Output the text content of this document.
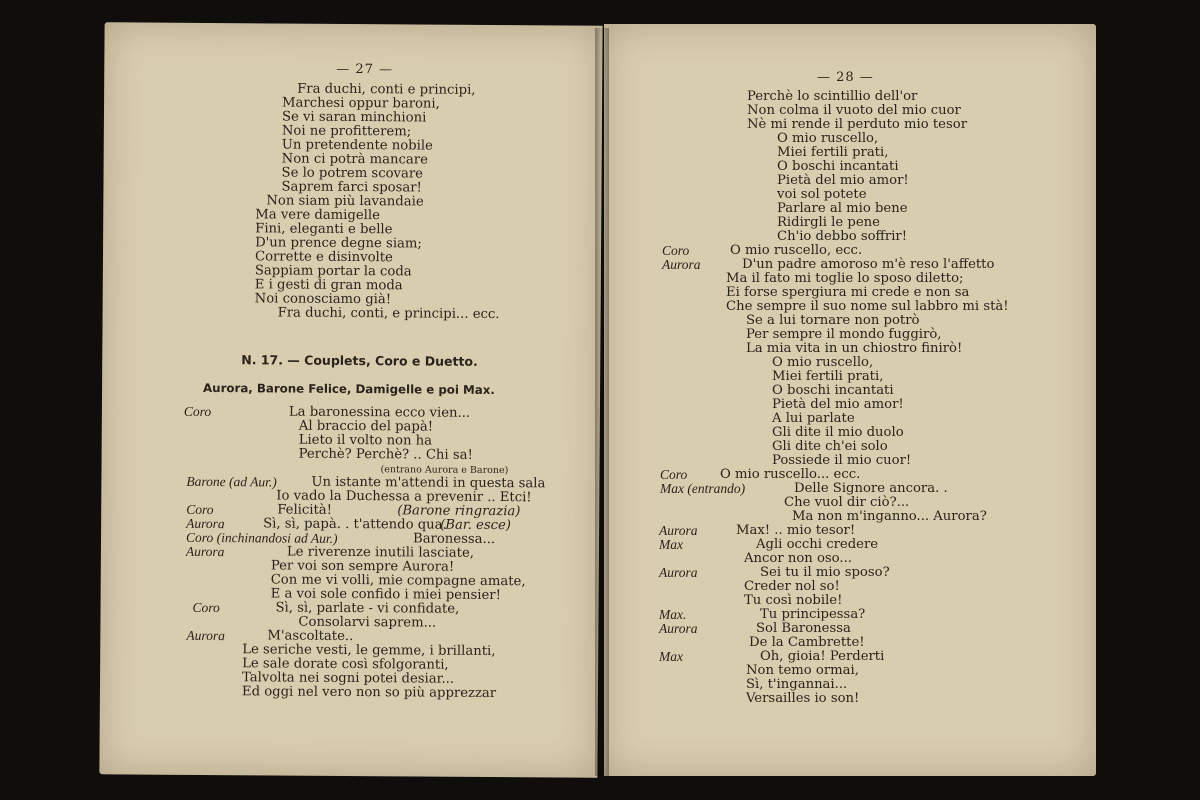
— 27 —
Fra duchi, conti e principi,
Marchesi oppur baroni,
Se vi saran minchioni
Noi ne profitterem;
Un pretendente nobile
Non ci potrà mancare
Se lo potrem scovare
Saprem farci sposar!
Non siam più lavandaie
Ma vere damigelle
Fini, eleganti e belle
D'un prence degne siam;
Corrette e disinvolte
Sappiam portar la coda
E i gesti di gran moda
Noi conosciamo già!
Fra duchi, conti, e principi... ecc.
N. 17. — Couplets, Coro e Duetto.
Aurora, Barone Felice, Damigelle e poi Max.
Coro	La baronessina ecco vien...
Al braccio del papà!
Lieto il volto non ha
Perchè? Perchè? .. Chi sa!
(entrano Aurora e Barone)
Barone (ad Aur.)	Un istante m'attendi in questa sala
Io vado la Duchessa a prevenir .. Etci!
Coro	Felicità!	(Barone ringrazia)
Aurora	Sì, sì, papà. . t'attendo qua.
(Bar. esce)
Coro (inchinandosi ad Aur.)	Baronessa...
Aurora	Le riverenze inutili lasciate,
Per voi son sempre Aurora!
Con me vi volli, mie compagne amate,
E a voi sole confido i miei pensier!
Coro	Sì, sì, parlate - vi confidate,
Consolarvi saprem...
Aurora	M'ascoltate..
Le seriche vesti, le gemme, i brillanti,
Le sale dorate così sfolgoranti,
Talvolta nei sogni potei desiar...
Ed oggi nel vero non so più apprezzar
— 28 —
Perchè lo scintillio dell'or
Non colma il vuoto del mio cuor
Nè mi rende il perduto mio tesor
O mio ruscello,
Miei fertili prati,
O boschi incantati
Pietà del mio amor!
voi sol potete
Parlare al mio bene
Ridirgli le pene
Ch'io debbo soffrir!
Coro	O mio ruscello, ecc.
Aurora	D'un padre amoroso m'è reso l'affetto
Ma il fato mi toglie lo sposo diletto;
Ei forse spergiura mi crede e non sa
Che sempre il suo nome sul labbro mi stà!
Se a lui tornare non potrò
Per sempre il mondo fuggirò,
La mia vita in un chiostro finirò!
O mio ruscello,
Miei fertili prati,
O boschi incantati
Pietà del mio amor!
A lui parlate
Gli dite il mio duolo
Gli dite ch'ei solo
Possiede il mio cuor!
Coro O mio ruscello... ecc.
Max (entrando)	Delle Signore ancora. .
Che vuol dir ciò?...
Ma non m'inganno... Aurora?
Aurora	Max! .. mio tesor!
Max	Agli occhi credere
Ancor non oso...
Aurora	Sei tu il mio sposo?
Creder nol so!
Tu così nobile!
Max.	Tu principessa?
Aurora	Sol Baronessa
De la Cambrette!
Max	Oh, gioia! Perderti
Non temo ormai,
Sì, t'ingannai...
Versailles io son!
